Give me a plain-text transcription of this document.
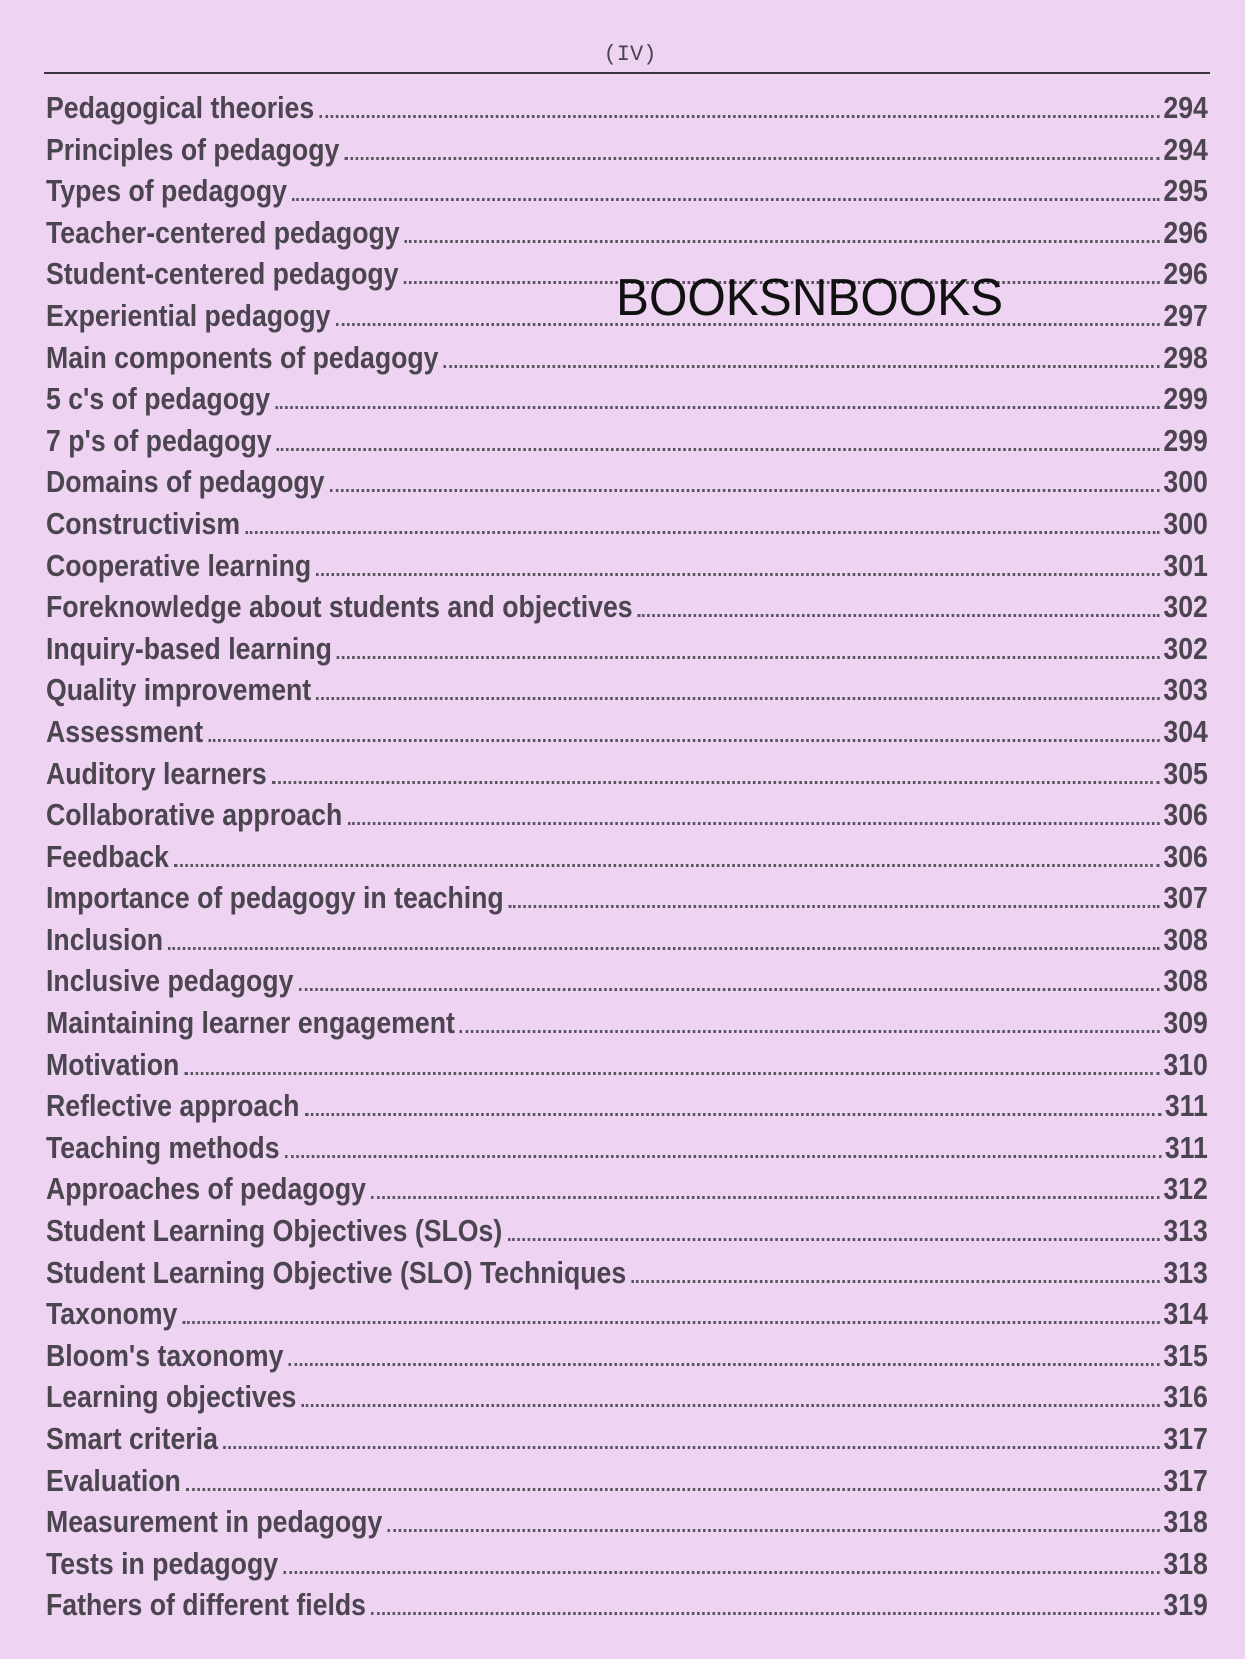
(IV)
Pedagogical theories	294
Principles of pedagogy	294
Types of pedagogy	295
Teacher-centered pedagogy	296
Student-centered pedagogy	296
Experiential pedagogy	297
Main components of pedagogy	298
5 c's of pedagogy	299
7 p's of pedagogy	299
Domains of pedagogy	300
Constructivism	300
Cooperative learning	301
Foreknowledge about students and objectives	302
Inquiry-based learning	302
Quality improvement	303
Assessment	304
Auditory learners	305
Collaborative approach	306
Feedback	306
Importance of pedagogy in teaching	307
Inclusion	308
Inclusive pedagogy	308
Maintaining learner engagement	309
Motivation	310
Reflective approach	311
Teaching methods	311
Approaches of pedagogy	312
Student Learning Objectives (SLOs)	313
Student Learning Objective (SLO) Techniques	313
Taxonomy	314
Bloom's taxonomy	315
Learning objectives	316
Smart criteria	317
Evaluation	317
Measurement in pedagogy	318
Tests in pedagogy	318
Fathers of different fields	319
BOOKSNBOOKS
